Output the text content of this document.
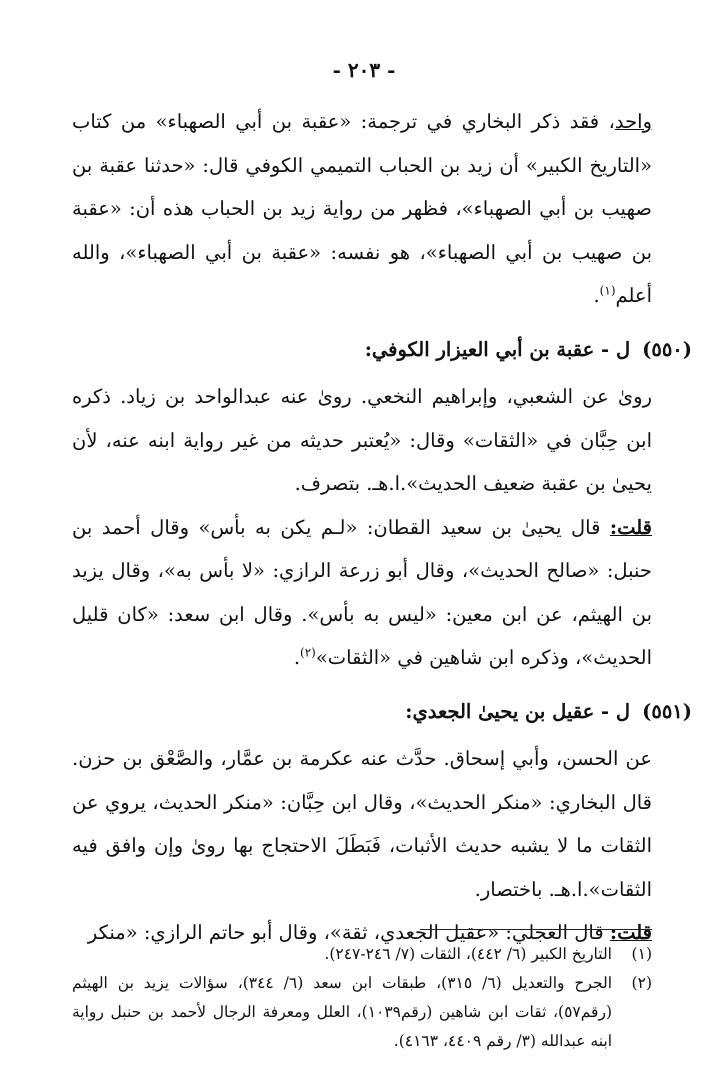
- ٢٠٣ -

واحد، فقد ذكر البخاري في ترجمة: «عقبة بن أبي الصهباء» من كتاب «التاريخ الكبير» أن زيد بن الحباب التميمي الكوفي قال: «حدثنا عقبة بن صهيب بن أبي الصهباء»، فظهر من رواية زيد بن الحباب هذه أن: «عقبة بن صهيب بن أبي الصهباء»، هو نفسه: «عقبة بن أبي الصهباء»، والله أعلم$^{(١)}$.

(٥٥٠)ل - عقبة بن أبي العيزار الكوفي:

روىٰ عن الشعبي، وإبراهيم النخعي. روىٰ عنه عبدالواحد بن زياد. ذكره ابن حِبَّان في «الثقات» وقال: «يُعتبر حديثه من غير رواية ابنه عنه، لأن يحيىٰ بن عقبة ضعيف الحديث».ا.هـ. بتصرف.

قلت: قال يحيىٰ بن سعيد القطان: «لـم يكن به بأس» وقال أحمد بن حنبل: «صالح الحديث»، وقال أبو زرعة الرازي: «لا بأس به»، وقال يزيد بن الهيثم، عن ابن معين: «ليس به بأس». وقال ابن سعد: «كان قليل الحديث»، وذكره ابن شاهين في «الثقات»$^{(٢)}$.

(٥٥١)ل - عقيل بن يحيىٰ الجعدي:

عن الحسن، وأبي إسحاق. حدَّث عنه عكرمة بن عمَّار، والصَّعْق بن حزن. قال البخاري: «منكر الحديث»، وقال ابن حِبَّان: «منكر الحديث، يروي عن الثقات ما لا يشبه حديث الأثبات، فَبَطَلَ الاحتجاج بها روىٰ وإن وافق فيه الثقات».ا.هـ. باختصار.

قلت: قال العجلي: «عقيل الجعدي، ثقة»، وقال أبو حاتم الرازي: «منكر

(١)
التاريخ الكبير (٦/ ٤٤٢)، الثقات (٧/ ٢٤٦-٢٤٧).
(٢)
الجرح والتعديل (٦/ ٣١٥)، طبقات ابن سعد (٦/ ٣٤٤)، سؤالات يزيد بن الهيثم (رقم٥٧)، ثقات ابن شاهين (رقم١٠٣٩)، العلل ومعرفة الرجال لأحمد بن حنبل رواية ابنه عبدالله (٣/ رقم ٤٤٠٩، ٤١٦٣).
